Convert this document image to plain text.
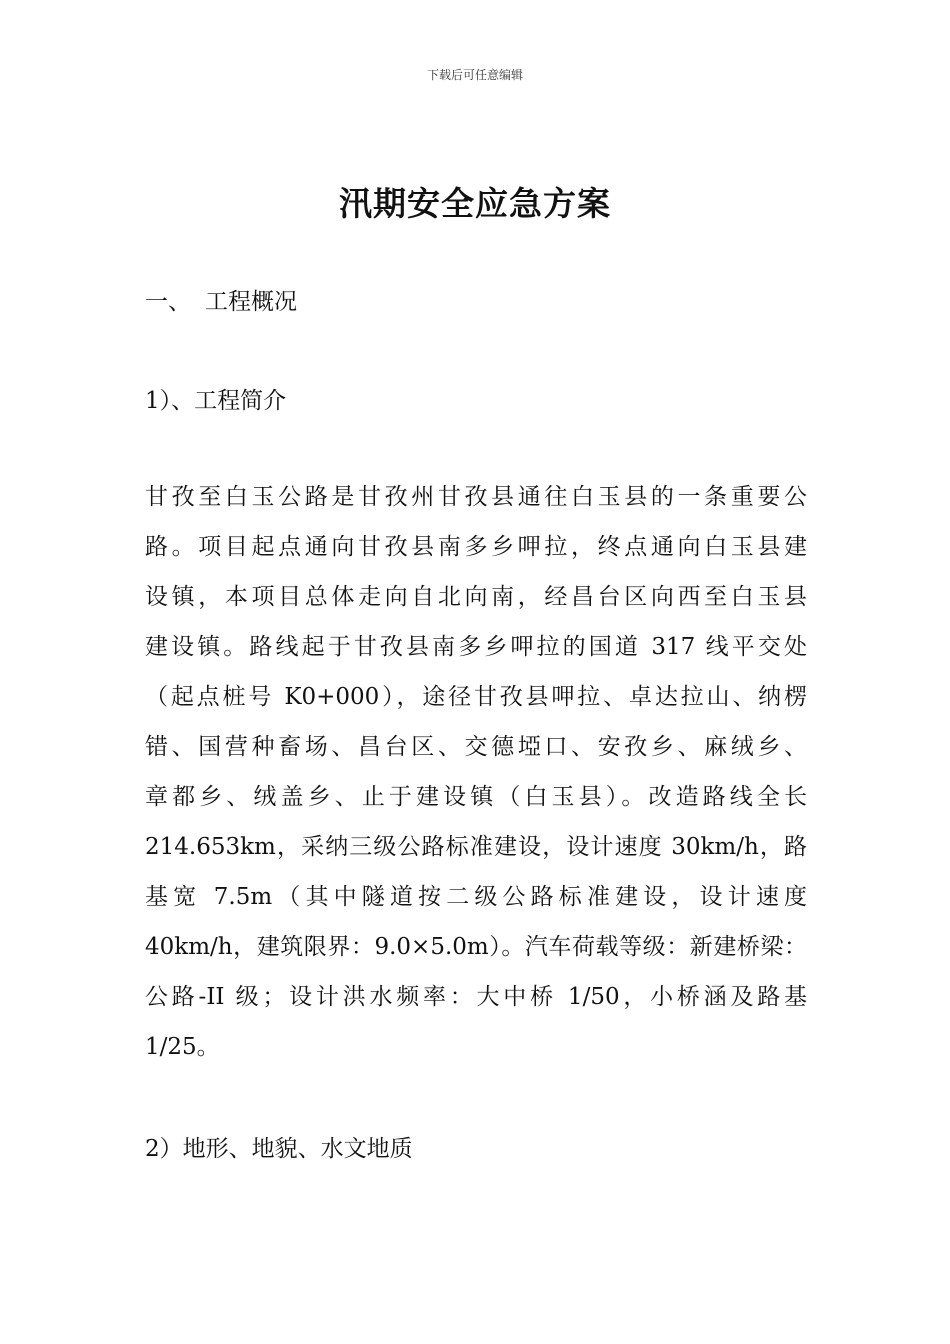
下载后可任意编辑
汛期安全应急方案
一、 工程概况
1）、工程简介
甘孜至白玉公路是甘孜州甘孜县通往白玉县的一条重要公
路。项目起点通向甘孜县南多乡呷拉，终点通向白玉县建
设镇，本项目总体走向自北向南，经昌台区向西至白玉县
建设镇。路线起于甘孜县南多乡呷拉的国道 317 线平交处
（起点桩号 K0+000），途径甘孜县呷拉、卓达拉山、纳楞
错、国营种畜场、昌台区、交德埡口、安孜乡、麻绒乡、
章都乡、绒盖乡、止于建设镇（白玉县）。改造路线全长
214.653km，采纳三级公路标准建设，设计速度 30km/h，路
基宽 7.5m（其中隧道按二级公路标准建设，设计速度
40km/h，建筑限界：9.0×5.0m）。汽车荷载等级：新建桥梁：
公路-II 级；设计洪水频率：大中桥 1/50，小桥涵及路基
1/25。
2）地形、地貌、水文地质
